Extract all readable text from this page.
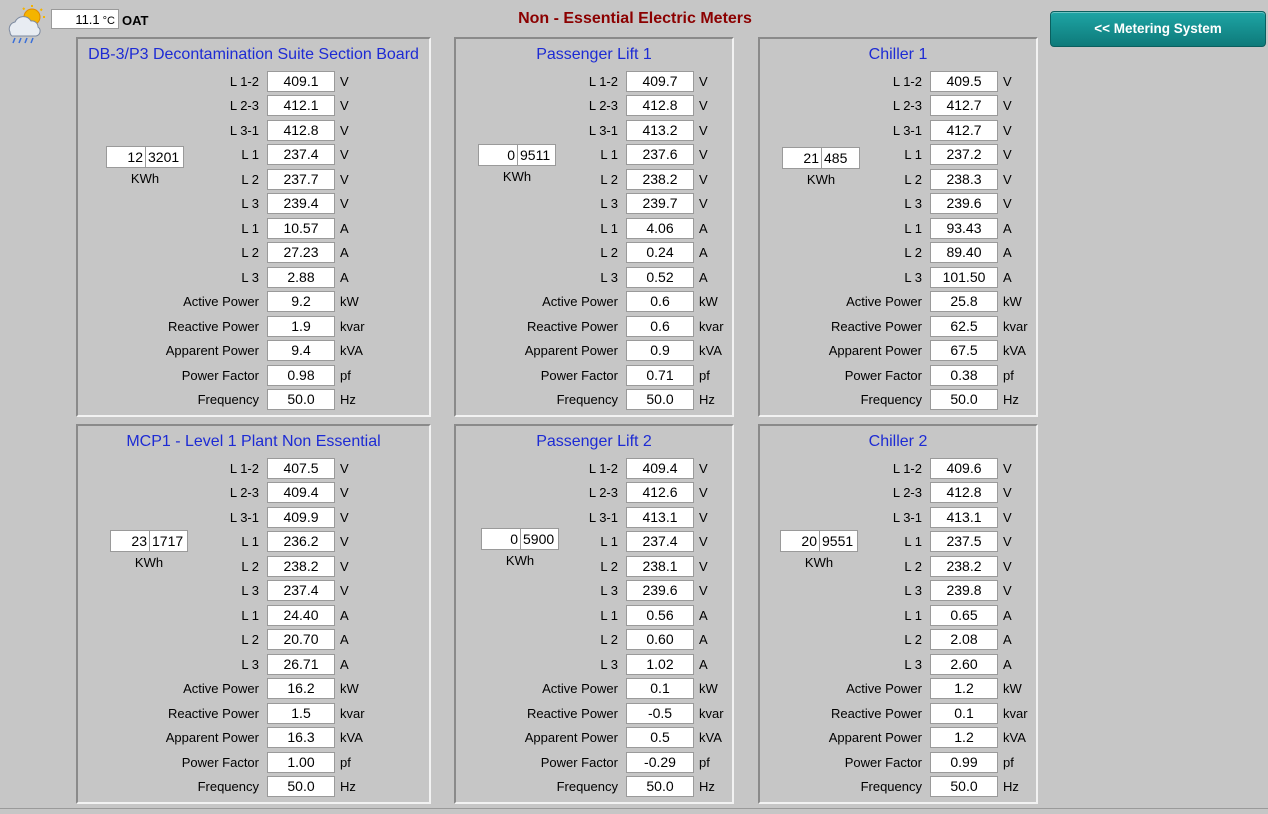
11.1 °C OAT	Non - Essential Electric Meters
<< Metering System
DB-3/P3 Decontamination Suite Section Board
12 3201
KWh
L 1-2	409.1	V
L 2-3	412.1	V
L 3-1	412.8	V
L 1	237.4	V
L 2	237.7	V
L 3	239.4	V
L 1	10.57	A
L 2	27.23	A
L 3	2.88	A
Active Power	9.2	kW
Reactive Power	1.9	kvar
Apparent Power	9.4	kVA
Power Factor	0.98	pf
Frequency	50.0	Hz
Passenger Lift 1
0 9511
KWh
L 1-2	409.7	V
L 2-3	412.8	V
L 3-1	413.2	V
L 1	237.6	V
L 2	238.2	V
L 3	239.7	V
L 1	4.06	A
L 2	0.24	A
L 3	0.52	A
Active Power	0.6	kW
Reactive Power	0.6	kvar
Apparent Power	0.9	kVA
Power Factor	0.71	pf
Frequency	50.0	Hz
Chiller 1
21 485
KWh
L 1-2	409.5	V
L 2-3	412.7	V
L 3-1	412.7	V
L 1	237.2	V
L 2	238.3	V
L 3	239.6	V
L 1	93.43	A
L 2	89.40	A
L 3	101.50	A
Active Power	25.8	kW
Reactive Power	62.5	kvar
Apparent Power	67.5	kVA
Power Factor	0.38	pf
Frequency	50.0	Hz
MCP1 - Level 1 Plant Non Essential
23 1717
KWh
L 1-2	407.5	V
L 2-3	409.4	V
L 3-1	409.9	V
L 1	236.2	V
L 2	238.2	V
L 3	237.4	V
L 1	24.40	A
L 2	20.70	A
L 3	26.71	A
Active Power	16.2	kW
Reactive Power	1.5	kvar
Apparent Power	16.3	kVA
Power Factor	1.00	pf
Frequency	50.0	Hz
Passenger Lift 2
0 5900
KWh
L 1-2	409.4	V
L 2-3	412.6	V
L 3-1	413.1	V
L 1	237.4	V
L 2	238.1	V
L 3	239.6	V
L 1	0.56	A
L 2	0.60	A
L 3	1.02	A
Active Power	0.1	kW
Reactive Power	-0.5	kvar
Apparent Power	0.5	kVA
Power Factor	-0.29	pf
Frequency	50.0	Hz
Chiller 2
20 9551
KWh
L 1-2	409.6	V
L 2-3	412.8	V
L 3-1	413.1	V
L 1	237.5	V
L 2	238.2	V
L 3	239.8	V
L 1	0.65	A
L 2	2.08	A
L 3	2.60	A
Active Power	1.2	kW
Reactive Power	0.1	kvar
Apparent Power	1.2	kVA
Power Factor	0.99	pf
Frequency	50.0	Hz
